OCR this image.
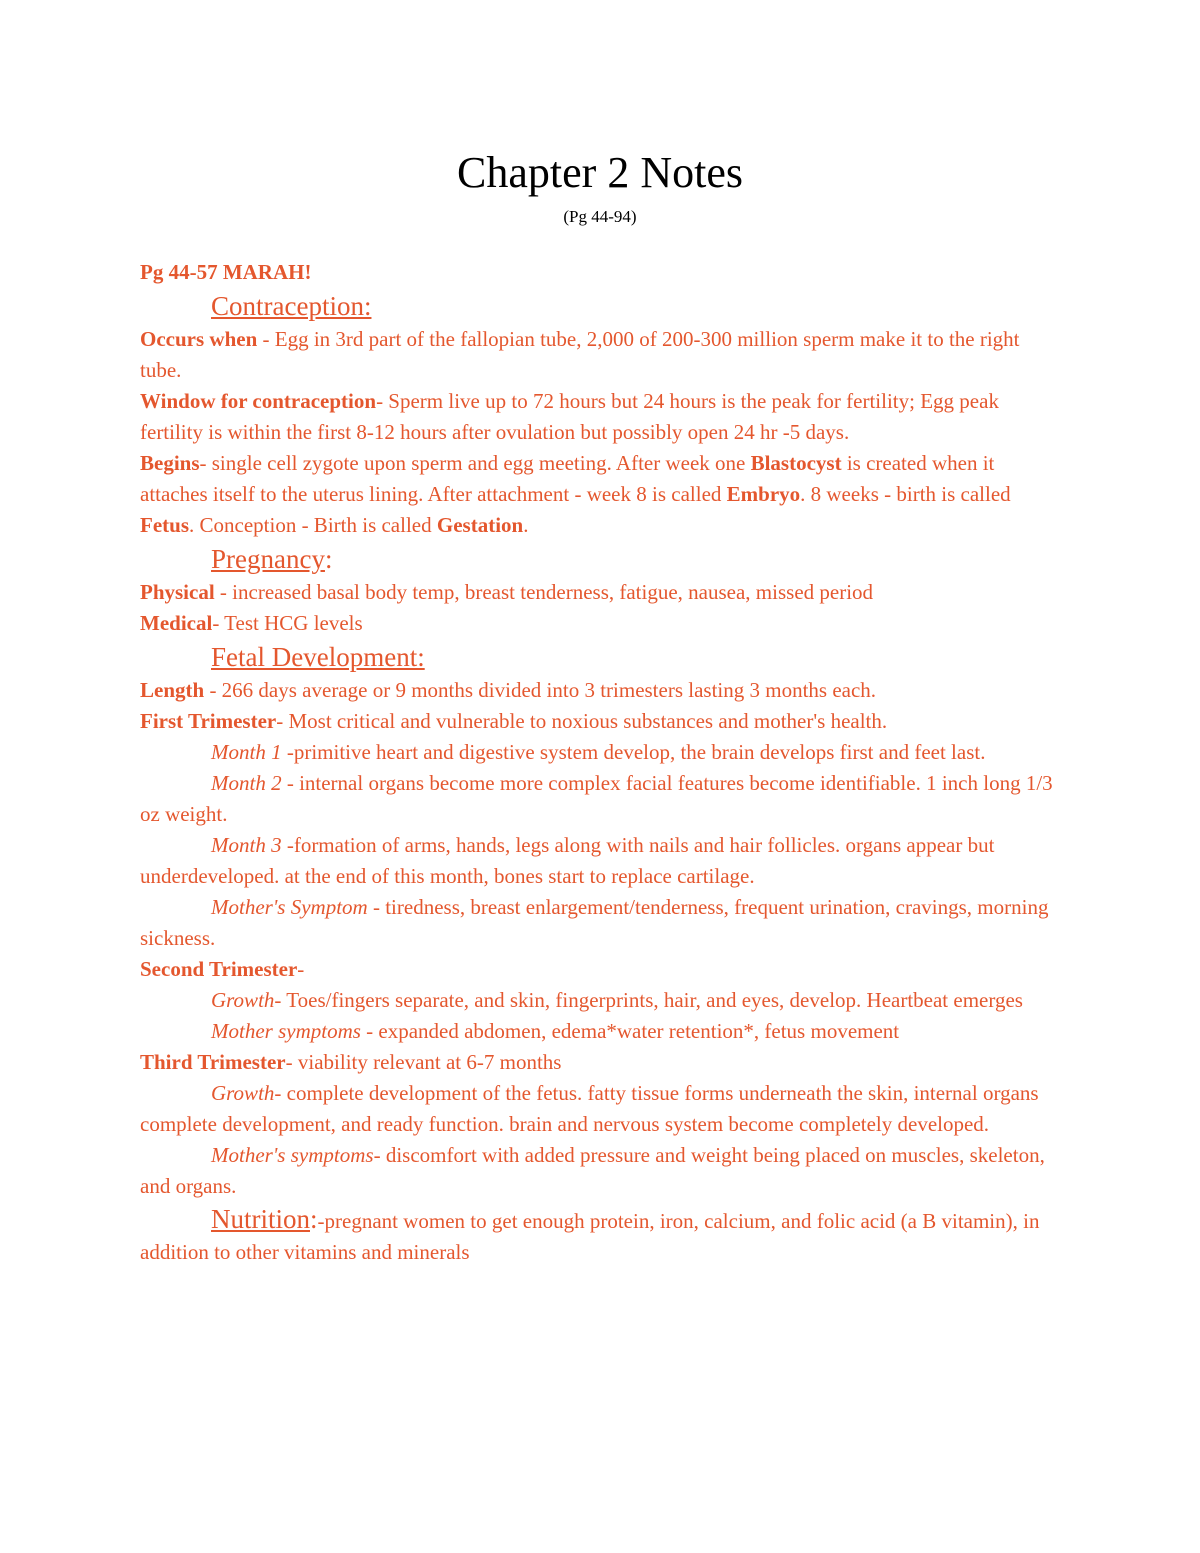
Chapter 2 Notes
(Pg 44-94)

Pg 44-57 MARAH!

Contraception:

Occurs when - Egg in 3rd part of the fallopian tube, 2,000 of 200-300 million sperm make it to the right tube.

Window for contraception- Sperm live up to 72 hours but 24 hours is the peak for fertility; Egg peak fertility is within the first 8-12 hours after ovulation but possibly open 24 hr -5 days.

Begins- single cell zygote upon sperm and egg meeting. After week one Blastocyst is created when it attaches itself to the uterus lining. After attachment - week 8 is called Embryo. 8 weeks - birth is called Fetus. Conception - Birth is called Gestation.

Pregnancy:

Physical - increased basal body temp, breast tenderness, fatigue, nausea, missed period

Medical- Test HCG levels

Fetal Development:

Length - 266 days average or 9 months divided into 3 trimesters lasting 3 months each.

First Trimester- Most critical and vulnerable to noxious substances and mother's health.

Month 1 -primitive heart and digestive system develop, the brain develops first and feet last.

Month 2 - internal organs become more complex facial features become identifiable. 1 inch long 1/3 oz weight.

Month 3 -formation of arms, hands, legs along with nails and hair follicles. organs appear but underdeveloped. at the end of this month, bones start to replace cartilage.

Mother's Symptom - tiredness, breast enlargement/tenderness, frequent urination, cravings, morning sickness.

Second Trimester-

Growth- Toes/fingers separate, and skin, fingerprints, hair, and eyes, develop. Heartbeat emerges

Mother symptoms - expanded abdomen, edema*water retention*, fetus movement

Third Trimester- viability relevant at 6-7 months

Growth- complete development of the fetus. fatty tissue forms underneath the skin, internal organs complete development, and ready function. brain and nervous system become completely developed.

Mother's symptoms- discomfort with added pressure and weight being placed on muscles, skeleton, and organs.

Nutrition:-pregnant women to get enough protein, iron, calcium, and folic acid (a B vitamin), in addition to other vitamins and minerals
